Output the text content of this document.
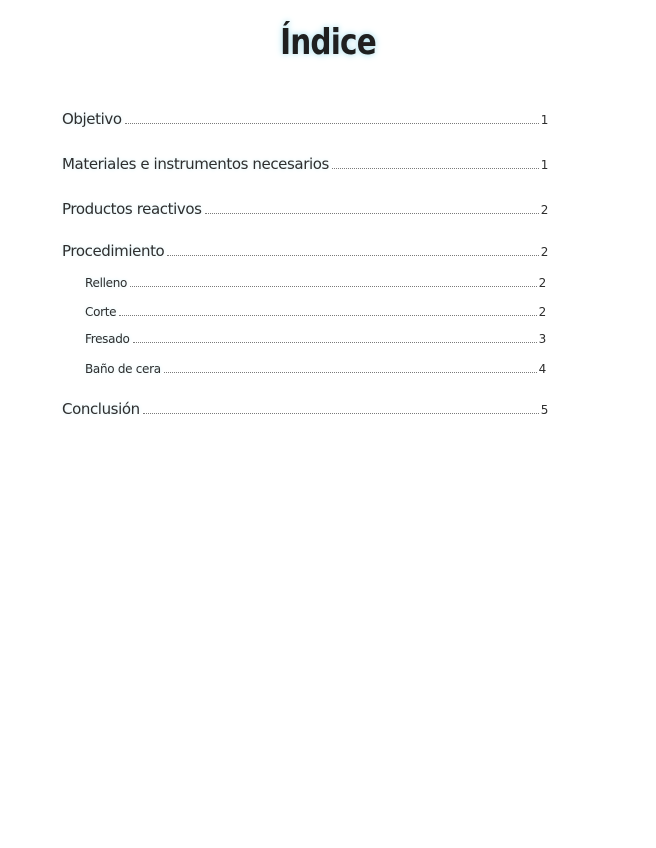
Índice
Objetivo	1
Materiales e instrumentos necesarios	1
Productos reactivos	2
Procedimiento	2
Relleno	2
Corte	2
Fresado	3
Baño de cera	4
Conclusión	5
